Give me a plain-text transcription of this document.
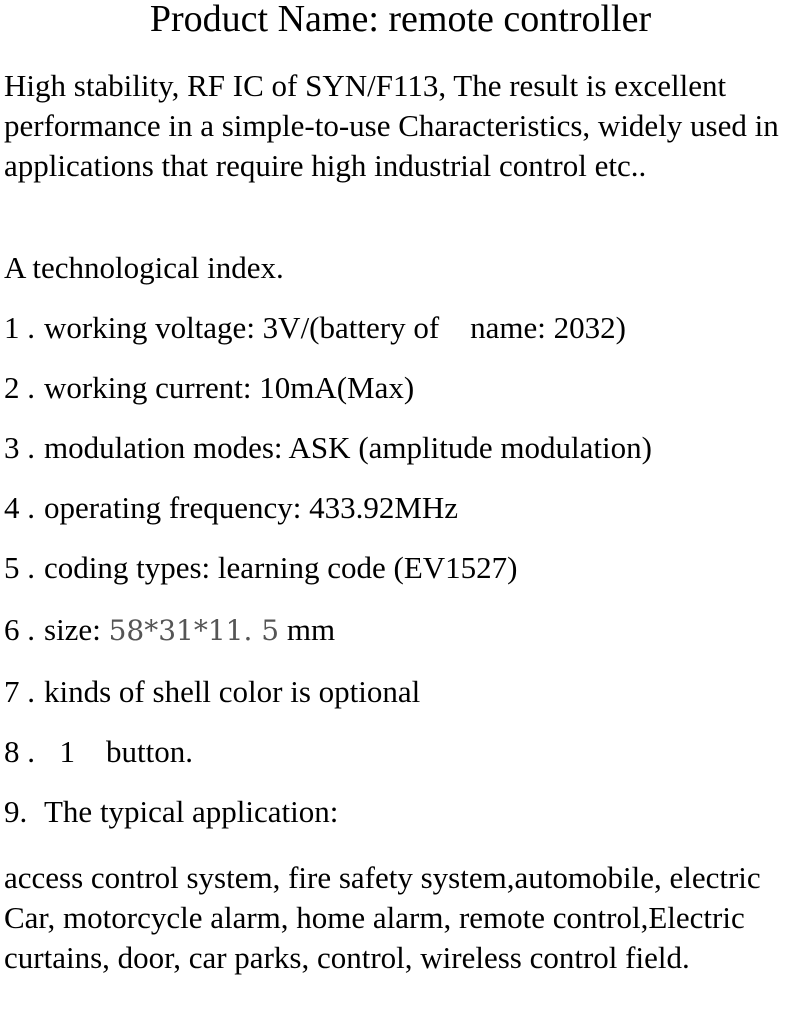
Product Name: remote controller
High stability, RF IC of SYN/F113, The result is excellent performance in a simple-to-use Characteristics, widely used in applications that require high industrial control etc..
A technological index.
1 . working voltage: 3V/(battery of    name: 2032)
2 . working current: 10mA(Max)
3 . modulation modes: ASK (amplitude modulation)
4 . operating frequency: 433.92MHz
5 . coding types: learning code (EV1527)
6 . size: 58*31*11. 5 mm
7 . kinds of shell color is optional
8 .  1    button.
9. The typical application:
access control system, fire safety system,automobile, electric Car, motorcycle alarm, home alarm, remote control,Electric curtains, door, car parks, control, wireless control field.
